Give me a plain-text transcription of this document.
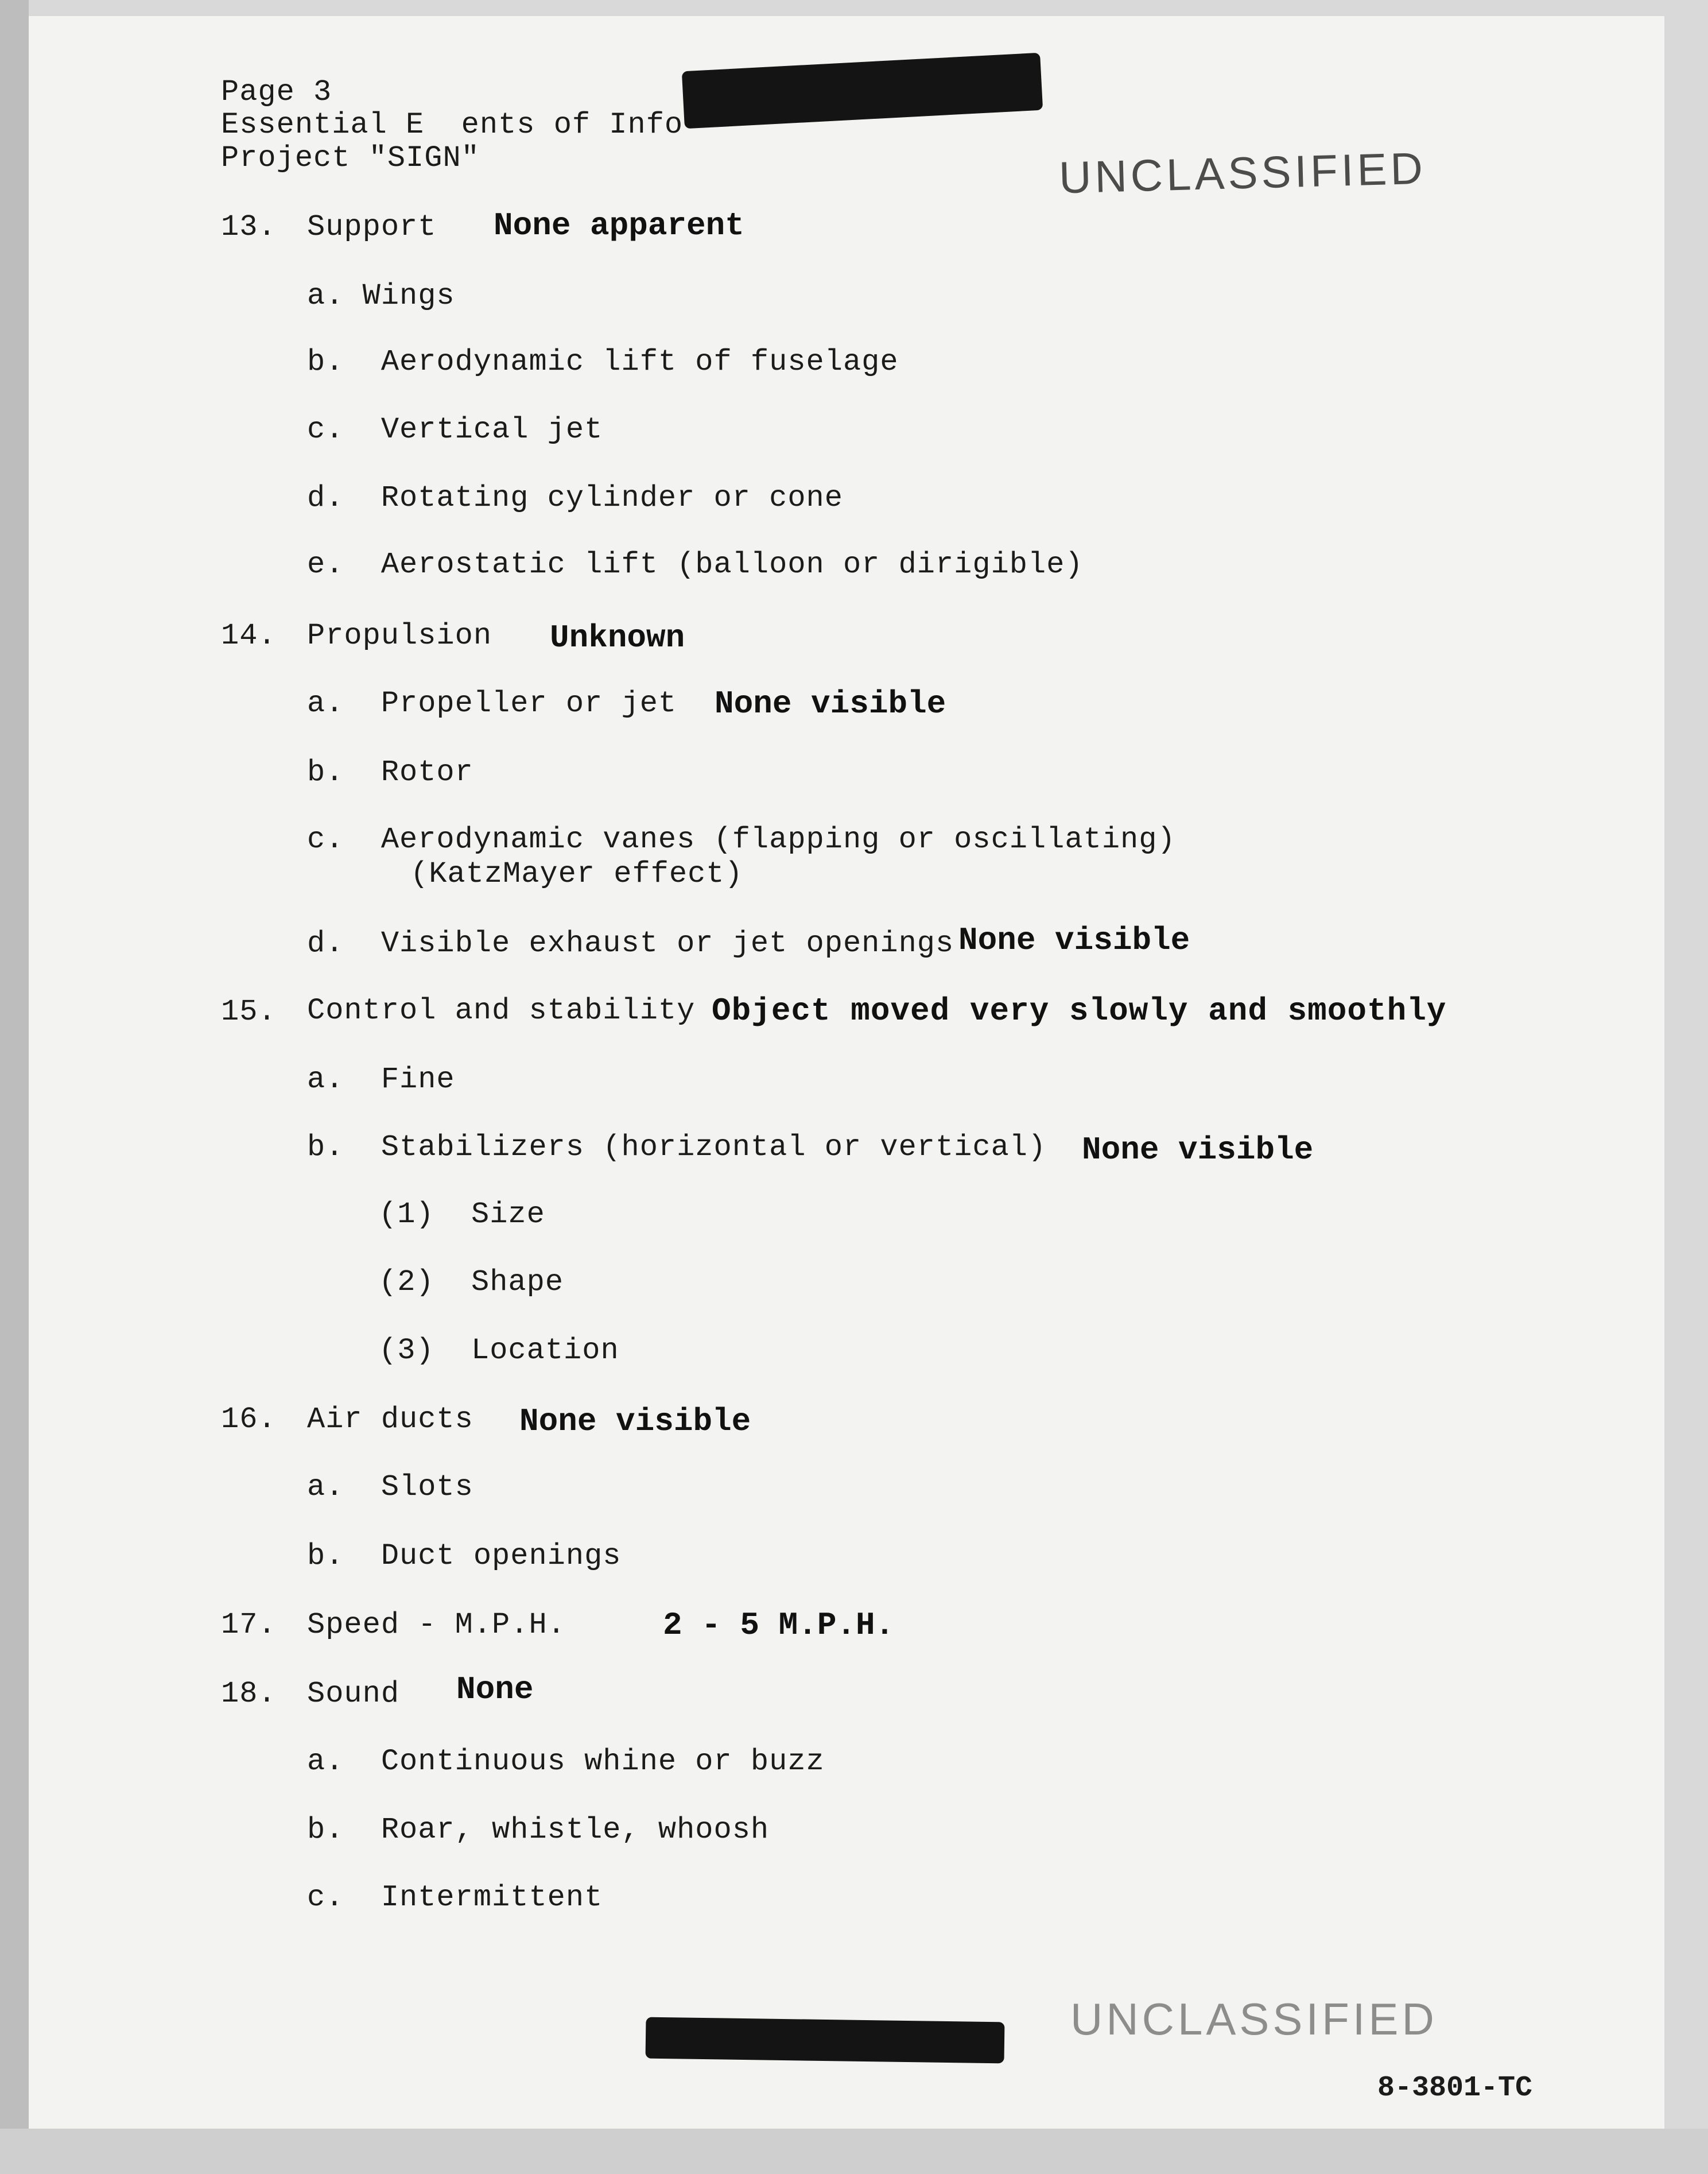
Page 3
Essential E  ents of Info
Project "SIGN"	UNCLASSIFIED
13. Support None apparent
a. Wings
b.  Aerodynamic lift of fuselage
c.  Vertical jet
d.  Rotating cylinder or cone
e.  Aerostatic lift (balloon or dirigible)
14. Propulsion Unknown
a.  Propeller or jet None visible
b.  Rotor
c.  Aerodynamic vanes (flapping or oscillating)
(KatzMayer effect)
d.  Visible exhaust or jet openings None visible
15. Control and stability Object moved very slowly and smoothly
a.  Fine
b.  Stabilizers (horizontal or vertical) None visible
(1)  Size
(2)  Shape
(3)  Location
16. Air ducts None visible
a.  Slots
b.  Duct openings
17. Speed - M.P.H.	2 - 5 M.P.H.
18. Sound None
a.  Continuous whine or buzz
b.  Roar, whistle, whoosh
c.  Intermittent
UNCLASSIFIED
8-3801-TC
